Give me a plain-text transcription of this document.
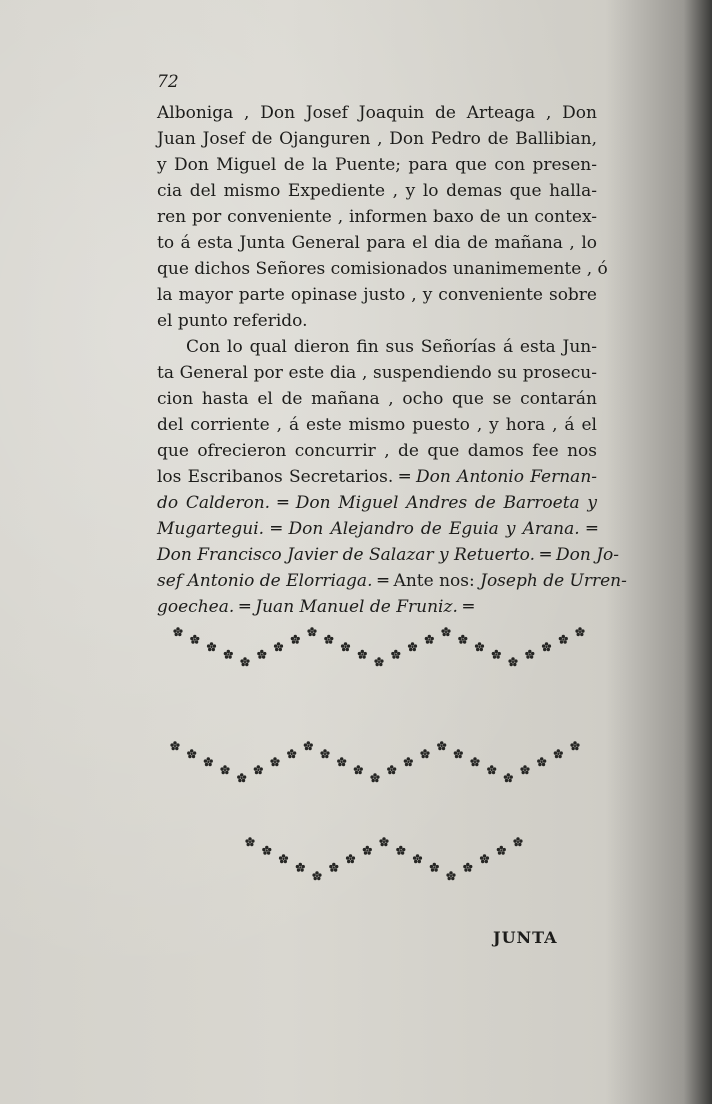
72

Alboniga , Don Josef Joaquin de Arteaga , Don

Juan Josef de Ojanguren , Don Pedro de Ballibian,

y Don Miguel de la Puente; para que con presen-

cia del mismo Expediente , y lo demas que halla-

ren por conveniente , informen baxo de un contex-

to á esta Junta General para el dia de mañana , lo

que dichos Señores comisionados unanimemente , ó

la mayor parte opinase justo , y conveniente sobre

el punto referido.

Con lo qual dieron fin sus Señorías á esta Jun-

ta General por este dia , suspendiendo su prosecu-

cion hasta el de mañana , ocho que se contarán

del corriente , á este mismo puesto , y hora , á el

que ofrecieron concurrir , de que damos fee nos

los Escribanos Secretarios. ═ Don Antonio Fernan-

do Calderon. ═ Don Miguel Andres de Barroeta y

Mugartegui. ═ Don Alejandro de Eguia y Arana. ═

Don Francisco Javier de Salazar y Retuerto. ═ Don Jo-

sef Antonio de Elorriaga. ═ Ante nos: Joseph de Urren-

goechea. ═ Juan Manuel de Fruniz. ═

JUNTA
